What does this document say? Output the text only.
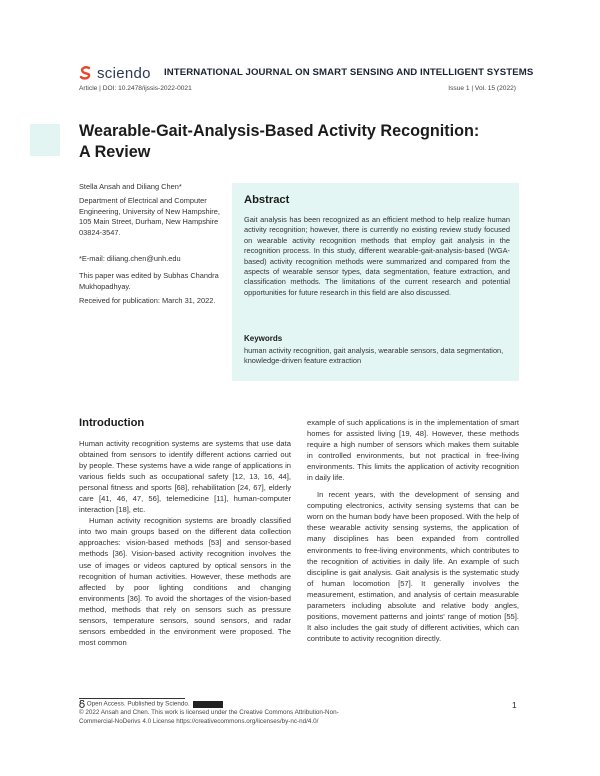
sciendo INTERNATIONAL JOURNAL ON SMART SENSING AND INTELLIGENT SYSTEMS
Article | DOI: 10.2478/ijssis-2022-0021	Issue 1 | Vol. 15 (2022)
Wearable-Gait-Analysis-Based Activity Recognition:
A Review
Stella Ansah and Diliang Chen*
Department of Electrical and Computer Engineering, University of New Hampshire, 105 Main Street, Durham, New Hampshire 03824-3547.
*E-mail: diliang.chen@unh.edu
This paper was edited by Subhas Chandra Mukhopadhyay.
Received for publication: March 31, 2022.
Abstract
Gait analysis has been recognized as an efficient method to help realize human activity recognition; however, there is currently no existing review study focused on wearable activity recognition methods that employ gait analysis in the recognition process. In this study, different wearable-gait-analysis-based (WGA-based) activity recognition methods were summarized and compared from the aspects of wearable sensor types, data segmentation, feature extraction, and classification methods. The limitations of the current research and potential opportunities for future research in this field are also discussed.
Keywords
human activity recognition, gait analysis, wearable sensors, data segmentation, knowledge-driven feature extraction
Introduction

Human activity recognition systems are systems that use data obtained from sensors to identify different actions carried out by people. These systems have a wide range of applications in various fields such as occupational safety [12, 13, 16, 44], personal fitness and sports [68], rehabilitation [24, 67], elderly care [41, 46, 47, 56], telemedicine [11], human-computer interaction [18], etc.

Human activity recognition systems are broadly classified into two main groups based on the different data collection approaches: vision-based methods [53] and sensor-based methods [36]. Vision-based activity recognition involves the use of images or videos captured by optical sensors in the recognition of human activities. However, these methods are affected by poor lighting conditions and changing environments [36]. To avoid the shortages of the vision-based method, methods that rely on sensors such as pressure sensors, temperature sensors, sound sensors, and radar sensors embedded in the environment were proposed. The most common

example of such applications is in the implementation of smart homes for assisted living [19, 48]. However, these methods require a high number of sensors which makes them suitable in controlled environments, but not practical in free-living environments. This limits the application of activity recognition in daily life.

In recent years, with the development of sensing and computing electronics, activity sensing systems that can be worn on the human body have been proposed. With the help of these wearable activity sensing systems, the application of many disciplines has been expanded from controlled environments to free-living environments, which contributes to the recognition of activities in daily life. An example of such discipline is gait analysis. Gait analysis is the systematic study of human locomotion [57]. It generally involves the measurement, estimation, and analysis of certain measurable parameters including absolute and relative body angles, positions, movement patterns and joints' range of motion [55]. It also includes the gait study of different activities, which can contribute to activity recognition directly.

Open Access. Published by Sciendo.
© 2022 Ansah and Chen. This work is licensed under the Creative Commons Attribution-Non-
Commercial-NoDerivs 4.0 License https://creativecommons.org/licenses/by-nc-nd/4.0/
1
